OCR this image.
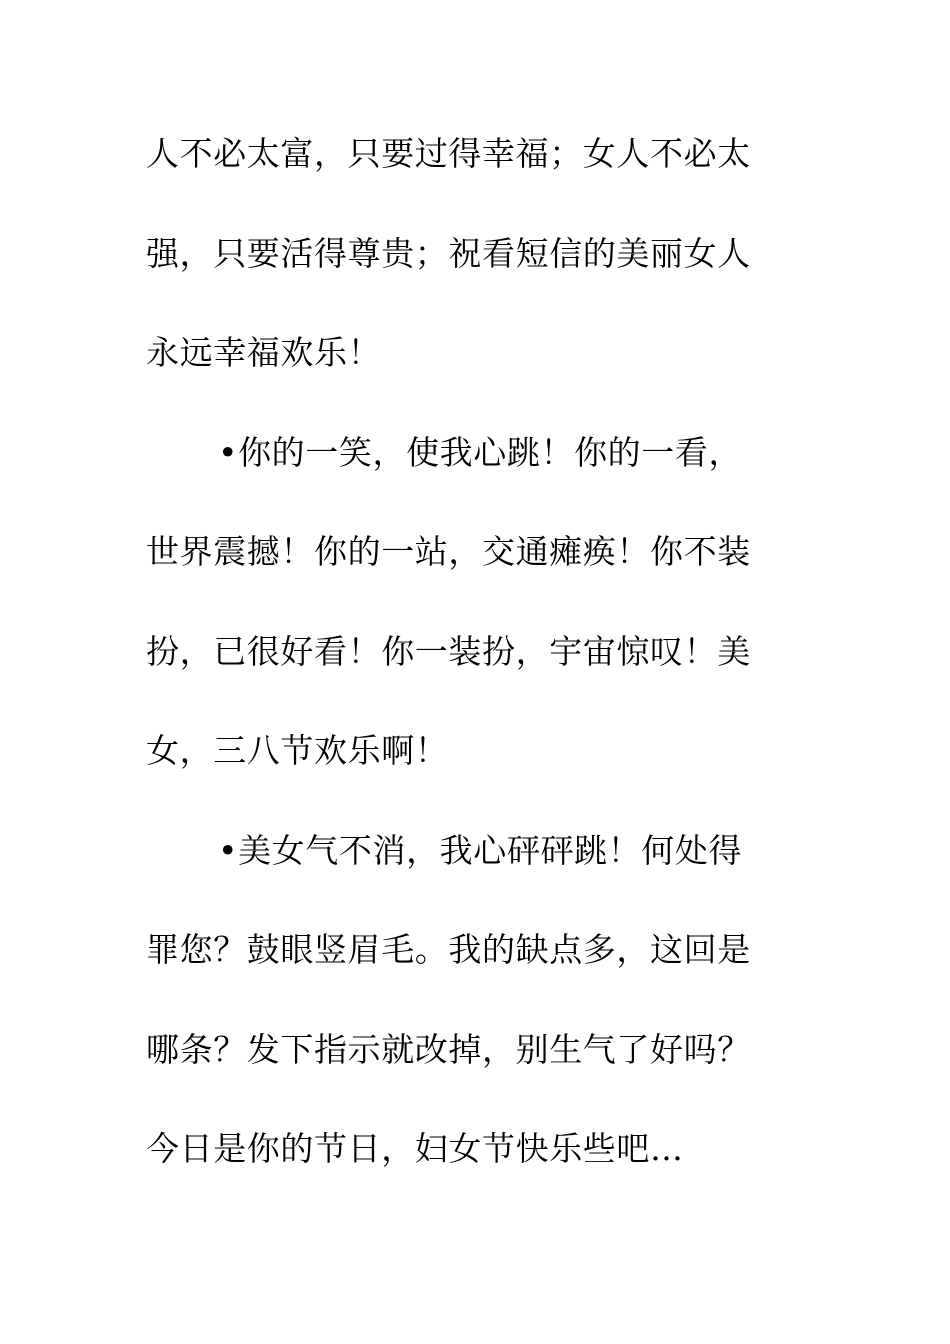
人不必太富，只要过得幸福；女人不必太
强，只要活得尊贵；祝看短信的美丽女人
永远幸福欢乐！
•你的一笑，使我心跳！你的一看，
世界震撼！你的一站，交通瘫痪！你不装
扮，已很好看！你一装扮，宇宙惊叹！美
女，三八节欢乐啊！
•美女气不消，我心砰砰跳！何处得
罪您？鼓眼竖眉毛。我的缺点多，这回是
哪条？发下指示就改掉，别生气了好吗？
今日是你的节日，妇女节快乐些吧…
